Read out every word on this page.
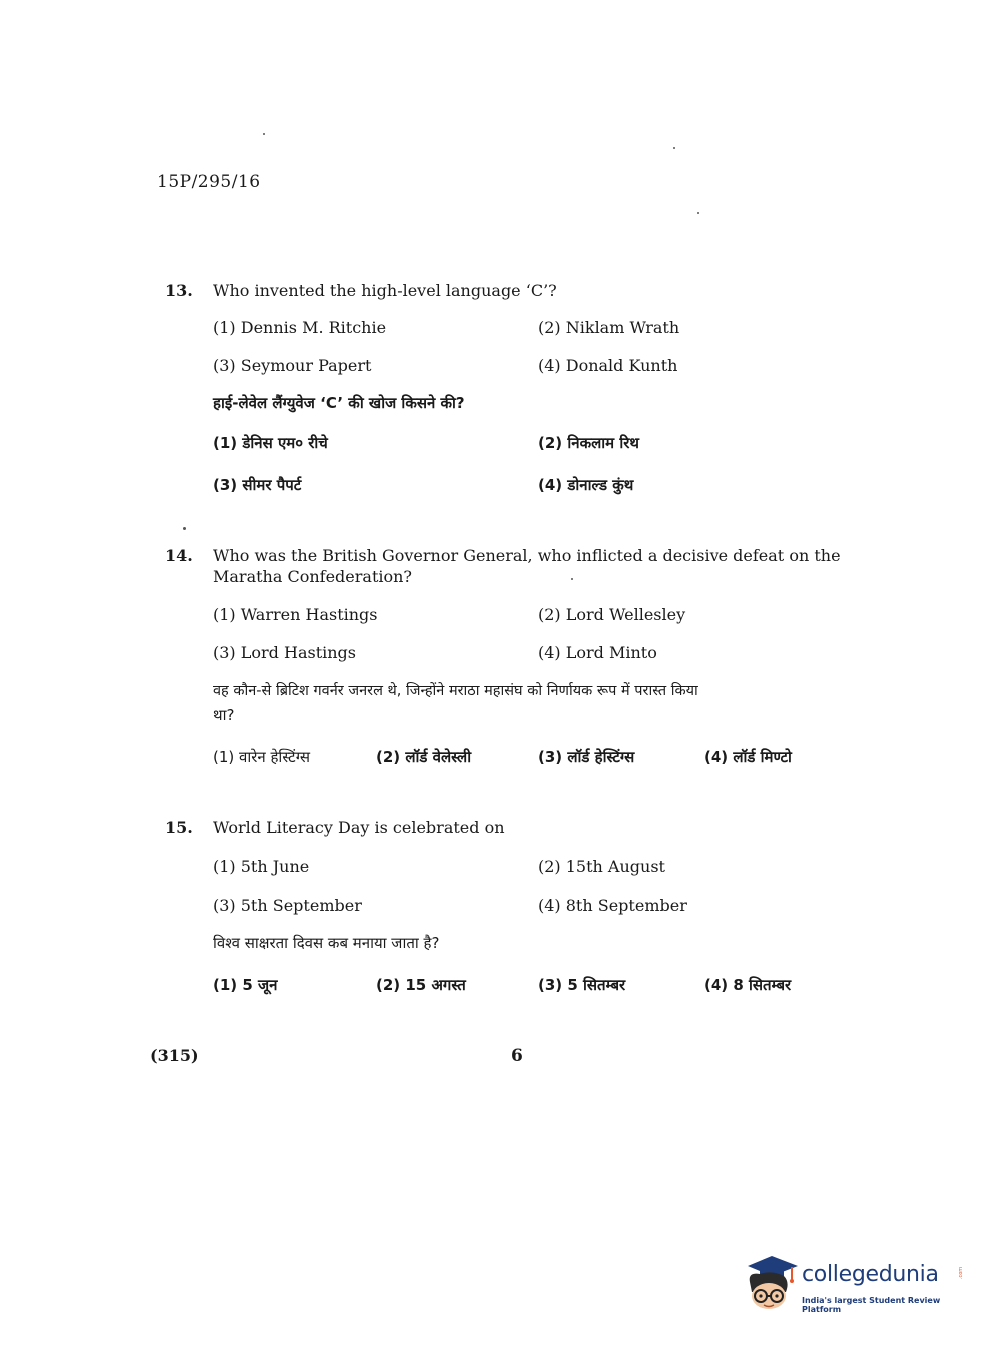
15P/295/16
13. Who invented the high-level language ‘C’?
(1) Dennis M. Ritchie	(2) Niklam Wrath
(3) Seymour Papert	(4) Donald Kunth
हाई-लेवेल लैंग्युवेज ‘C’ की खोज किसने की?
(1) डेनिस एम० रीचे	(2) निकलाम रिथ
(3) सीमर पैपर्ट	(4) डोनाल्ड कुंथ
14. Who was the British Governor General, who inflicted a decisive defeat on the
Maratha Confederation?
(1) Warren Hastings	(2) Lord Wellesley
(3) Lord Hastings	(4) Lord Minto
वह कौन-से ब्रिटिश गवर्नर जनरल थे, जिन्होंने मराठा महासंघ को निर्णायक रूप में परास्त किया
था?
(1) वारेन हेस्टिंग्स	(2) लॉर्ड वेलेस्ली	(3) लॉर्ड हेस्टिंग्स	(4) लॉर्ड मिण्टो
15. World Literacy Day is celebrated on
(1) 5th June	(2) 15th August
(3) 5th September	(4) 8th September
विश्व साक्षरता दिवस कब मनाया जाता है?
(1) 5 जून	(2) 15 अगस्त	(3) 5 सितम्बर	(4) 8 सितम्बर
(315)	6
collegedunia	.com
India's largest Student Review Platform
